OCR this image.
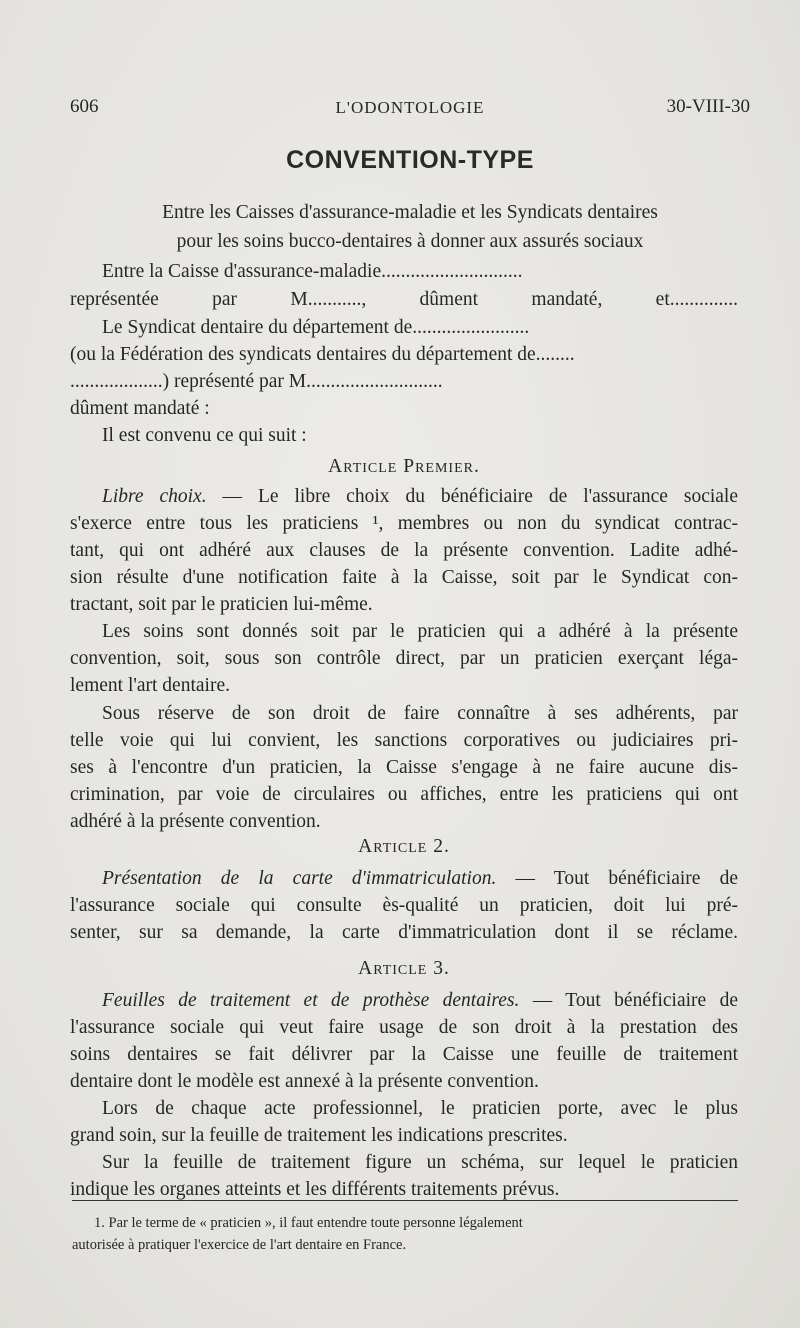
606	L'ODONTOLOGIE	30-VIII-30
CONVENTION-TYPE
Entre les Caisses d'assurance-maladie et les Syndicats dentaires
pour les soins bucco-dentaires à donner aux assurés sociaux
Entre la Caisse d'assurance-maladie.............................
représentée par M..........., dûment mandaté, et..............
Le Syndicat dentaire du département de........................
(ou la Fédération des syndicats dentaires du département de........
...................) représenté par M............................
dûment mandaté :
Il est convenu ce qui suit :
Article Premier.
Libre choix. — Le libre choix du bénéficiaire de l'assurance sociale
s'exerce entre tous les praticiens ¹, membres ou non du syndicat contrac-
tant, qui ont adhéré aux clauses de la présente convention. Ladite adhé-
sion résulte d'une notification faite à la Caisse, soit par le Syndicat con-
tractant, soit par le praticien lui-même.
Les soins sont donnés soit par le praticien qui a adhéré à la présente
convention, soit, sous son contrôle direct, par un praticien exerçant léga-
lement l'art dentaire.
Sous réserve de son droit de faire connaître à ses adhérents, par
telle voie qui lui convient, les sanctions corporatives ou judiciaires pri-
ses à l'encontre d'un praticien, la Caisse s'engage à ne faire aucune dis-
crimination, par voie de circulaires ou affiches, entre les praticiens qui ont
adhéré à la présente convention.
Article 2.
Présentation de la carte d'immatriculation. — Tout bénéficiaire de
l'assurance sociale qui consulte ès-qualité un praticien, doit lui pré-
senter, sur sa demande, la carte d'immatriculation dont il se réclame.
Article 3.
Feuilles de traitement et de prothèse dentaires. — Tout bénéficiaire de
l'assurance sociale qui veut faire usage de son droit à la prestation des
soins dentaires se fait délivrer par la Caisse une feuille de traitement
dentaire dont le modèle est annexé à la présente convention.
Lors de chaque acte professionnel, le praticien porte, avec le plus
grand soin, sur la feuille de traitement les indications prescrites.
Sur la feuille de traitement figure un schéma, sur lequel le praticien
indique les organes atteints et les différents traitements prévus.
1. Par le terme de « praticien », il faut entendre toute personne légalement
autorisée à pratiquer l'exercice de l'art dentaire en France.
